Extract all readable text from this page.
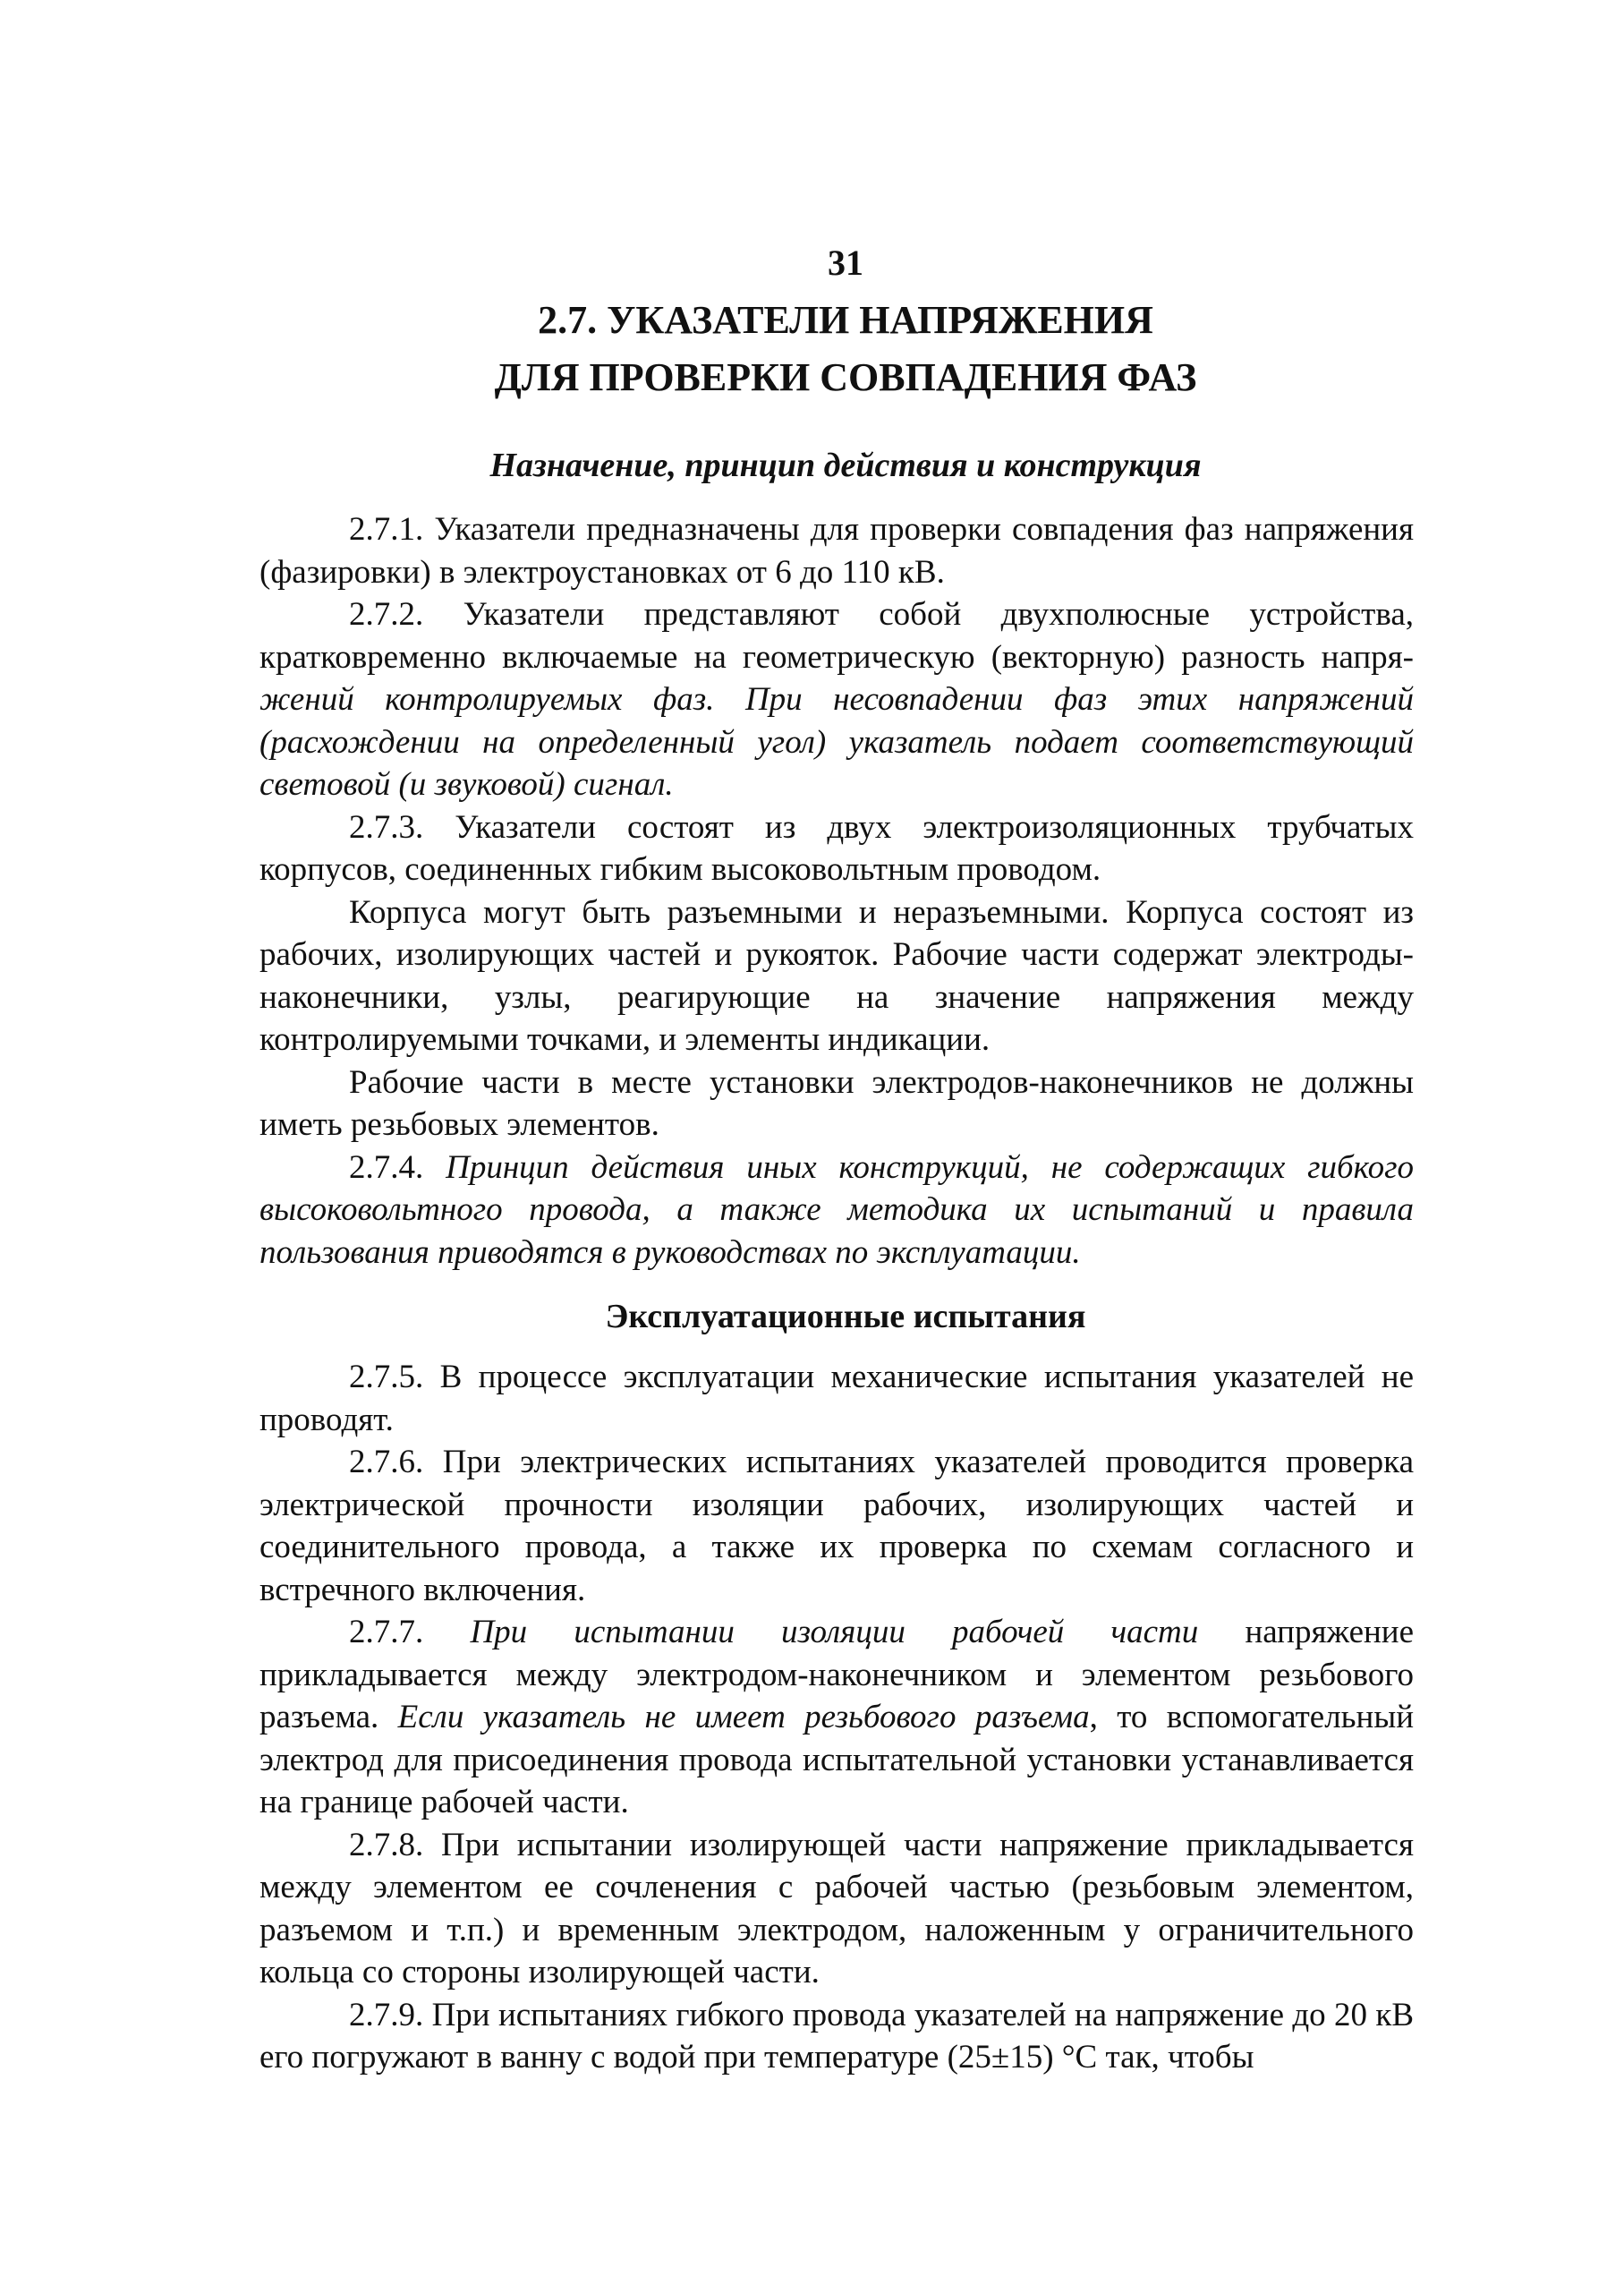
31
2.7. УКАЗАТЕЛИ НАПРЯЖЕНИЯ
ДЛЯ ПРОВЕРКИ СОВПАДЕНИЯ ФАЗ
Назначение, принцип действия и конструкция

2.7.1. Указатели предназначены для проверки совпадения фаз напряжения (фазировки) в электроустановках от 6 до 110 кВ.

2.7.2. Указатели представляют собой двухполюсные устройства, кратковременно включаемые на геометрическую (векторную) разность напряжений контролируемых фаз. При несовпадении фаз этих напряжений (расхождении на определенный угол) указатель подает соответствующий световой (и звуковой) сигнал.

2.7.3. Указатели состоят из двух электроизоляционных трубчатых корпусов, соединенных гибким высоковольтным проводом.

Корпуса могут быть разъемными и неразъемными. Корпуса состоят из рабочих, изолирующих частей и рукояток. Рабочие части содержат электроды-наконечники, узлы, реагирующие на значение напряжения между контролируемыми точками, и элементы индикации.

Рабочие части в месте установки электродов-наконечников не должны иметь резьбовых элементов.

2.7.4. Принцип действия иных конструкций, не содержащих гибкого высоковольтного провода, а также методика их испытаний и правила пользования приводятся в руководствах по эксплуатации.

Эксплуатационные испытания

2.7.5. В процессе эксплуатации механические испытания указателей не проводят.

2.7.6. При электрических испытаниях указателей проводится проверка электрической прочности изоляции рабочих, изолирующих частей и соединительного провода, а также их проверка по схемам согласного и встречного включения.

2.7.7. При испытании изоляции рабочей части напряжение прикладывается между электродом-наконечником и элементом резьбового разъема. Если указатель не имеет резьбового разъема, то вспомогательный электрод для присоединения провода испытательной установки устанавливается на границе рабочей части.

2.7.8. При испытании изолирующей части напряжение прикладывается между элементом ее сочленения с рабочей частью (резьбовым элементом, разъемом и т.п.) и временным электродом, наложенным у ограничительного кольца со стороны изолирующей части.

2.7.9. При испытаниях гибкого провода указателей на напряжение до 20 кВ его погружают в ванну с водой при температуре (25±15) °С так, чтобы
